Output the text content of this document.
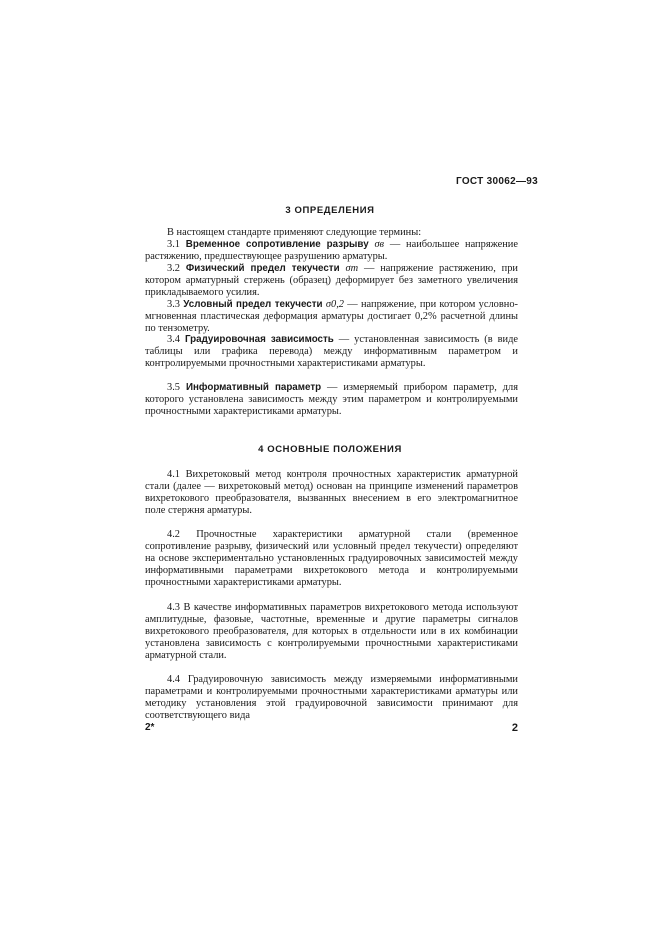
ГОСТ 30062—93
3 ОПРЕДЕЛЕНИЯ

В настоящем стандарте применяют следующие термины:

3.1 Временное сопротивление разрыву σв — наибольшее напряжение растяжению, предшествующее разрушению арматуры.

3.2 Физический предел текучести σт — напряжение растяжению, при котором арматурный стержень (образец) деформирует без заметного увеличения прикладываемого усилия.

3.3 Условный предел текучести σ0,2 — напряжение, при котором условно-мгновенная пластическая деформация арматуры достигает 0,2% расчетной длины по тензометру.

3.4 Градуировочная зависимость — установленная зависимость (в виде таблицы или графика перевода) между информативным параметром и контролируемыми прочностными характеристиками арматуры.

3.5 Информативный параметр — измеряемый прибором параметр, для которого установлена зависимость между этим параметром и контролируемыми прочностными характеристиками арматуры.

4 ОСНОВНЫЕ ПОЛОЖЕНИЯ

4.1 Вихретоковый метод контроля прочностных характеристик арматурной стали (далее — вихретоковый метод) основан на принципе изменений параметров вихретокового преобразователя, вызванных внесением в его электромагнитное поле стержня арматуры.

4.2 Прочностные характеристики арматурной стали (временное сопротивление разрыву, физический или условный предел текучести) определяют на основе экспериментально установленных градуировочных зависимостей между информативными параметрами вихретокового метода и контролируемыми прочностными характеристиками арматуры.

4.3 В качестве информативных параметров вихретокового метода используют амплитудные, фазовые, частотные, временные и другие параметры сигналов вихретокового преобразователя, для которых в отдельности или в их комбинации установлена зависимость с контролируемыми прочностными характеристиками арматурной стали.

4.4 Градуировочную зависимость между измеряемыми информативными параметрами и контролируемыми прочностными характеристиками арматуры или методику установления этой градуировочной зависимости принимают для соответствующего вида

2*	2
